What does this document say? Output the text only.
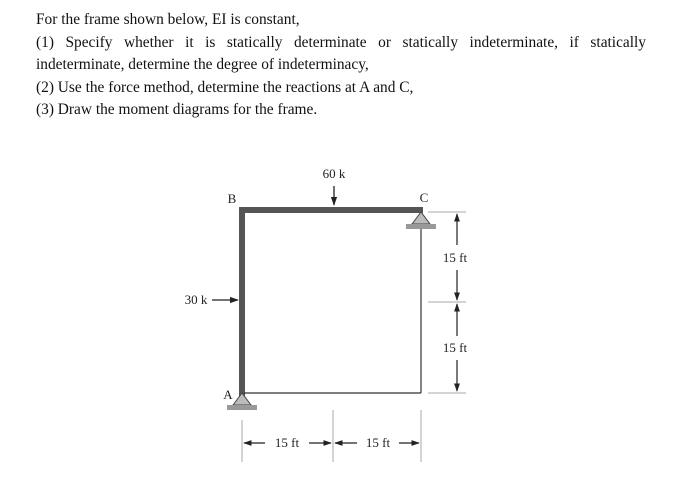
For the frame shown below, EI is constant,

(1) Specify whether it is statically determinate or statically indeterminate, if statically indeterminate, determine the degree of indeterminacy,

(2) Use the force method, determine the reactions at A and C,

(3) Draw the moment diagrams for the frame.

B	C
A
60 k
30 k
15 ft
15 ft
15 ft	15 ft
